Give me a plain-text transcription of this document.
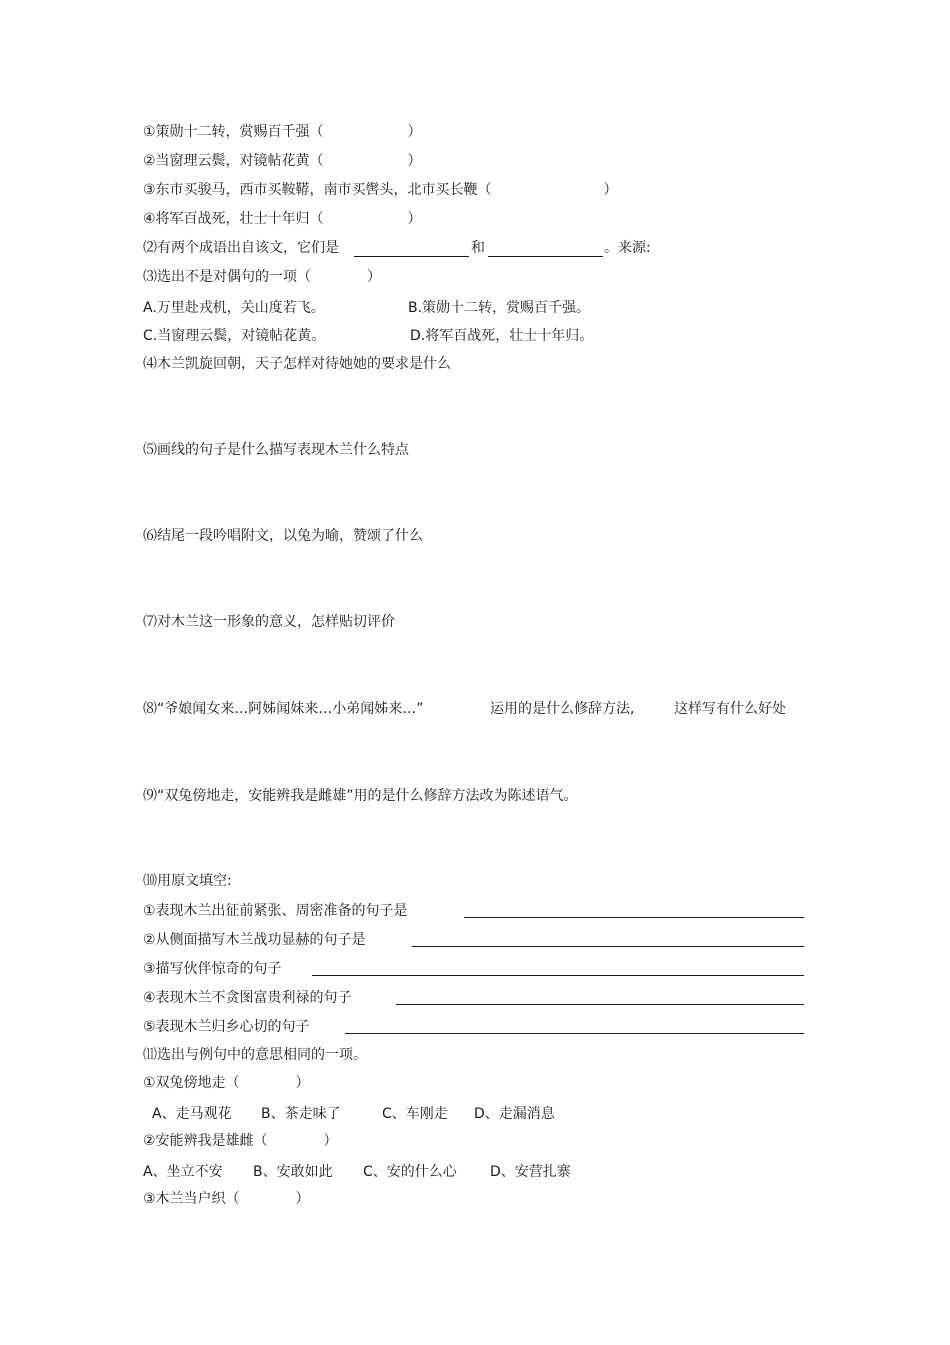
①策勋十二转，赏赐百千强（　　　　　　）
②当窗理云鬓，对镜帖花黄（　　　　　　）
③东市买骏马，西市买鞍鞯，南市买辔头，北市买长鞭（　　　　　　　　）
④将军百战死，壮士十年归（　　　　　　）
⑵有两个成语出自该文，它们是	和	。来源:
⑶选出不是对偶句的一项（　　　　）
A.万里赴戎机，关山度若飞。	B.策勋十二转，赏赐百千强。
C.当窗理云鬓，对镜帖花黄。	D.将军百战死，壮士十年归。
⑷木兰凯旋回朝，天子怎样对待她她的要求是什么
⑸画线的句子是什么描写表现木兰什么特点
⑹结尾一段吟唱附文，以兔为喻，赞颂了什么
⑺对木兰这一形象的意义，怎样贴切评价
⑻“爷娘闻女来…阿姊闻妹来…小弟闻姊来…”	运用的是什么修辞方法,	这样写有什么好处
⑼“双兔傍地走，安能辨我是雌雄”用的是什么修辞方法改为陈述语气。
⑽用原文填空:
①表现木兰出征前紧张、周密准备的句子是
②从侧面描写木兰战功显赫的句子是
③描写伙伴惊奇的句子
④表现木兰不贪图富贵利禄的句子
⑤表现木兰归乡心切的句子
⑾选出与例句中的意思相同的一项。
①双兔傍地走（　　　　）
A、走马观花 B、茶走味了	C、车刚走 D、走漏消息
②安能辨我是雄雌（　　　　）
A、坐立不安 B、安敢如此 C、安的什么心 D、安营扎寨
③木兰当户织（　　　　）
